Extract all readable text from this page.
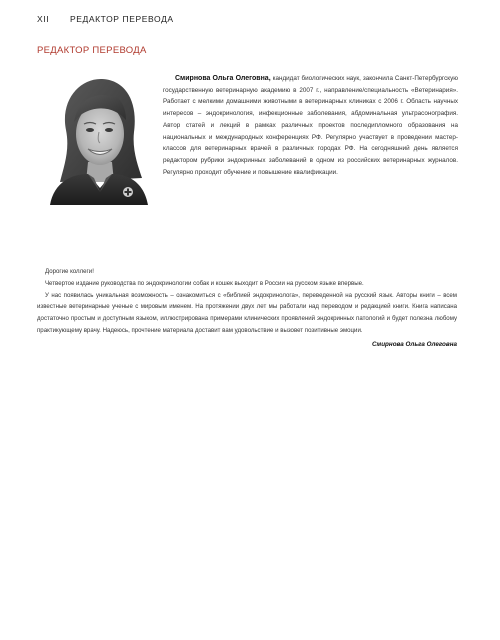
XII РЕДАКТОР ПЕРЕВОДА
РЕДАКТОР ПЕРЕВОДА
Смирнова Ольга Олеговна, кандидат биологических наук, закончила Санкт-Петербургскую государственную ветеринарную академию в 2007 г., направление/специальность «Ветеринария». Работает с мелкими домашними животными в ветеринарных клиниках с 2006 г. Область научных интересов – эндокринология, инфекционные заболевания, абдоминальная ультрасонография. Автор статей и лекций в рамках различных проектов последипломного образования на национальных и международных конференциях РФ. Регулярно участвует в проведении мастер-классов для ветеринарных врачей в различных городах РФ. На сегодняшний день является редактором рубрики эндокринных заболеваний в одном из российских ветеринарных журналов. Регулярно проходит обучение и повышение квалификации.

Дорогие коллеги!

Четвертое издание руководства по эндокринологии собак и кошек выходит в России на русском языке впервые.

У нас появилась уникальная возможность – ознакомиться с «библией эндокринолога», переведенной на русский язык. Авторы книги – всем известные ветеринарные ученые с мировым именем. На протяжении двух лет мы работали над переводом и редакцией книги. Книга написана достаточно простым и доступным языком, иллюстрирована примерами клинических проявлений эндокринных патологий и будет полезна любому практикующему врачу. Надеюсь, прочтение материала доставит вам удовольствие и вызовет позитивные эмоции.

Смирнова Ольга Олеговна
